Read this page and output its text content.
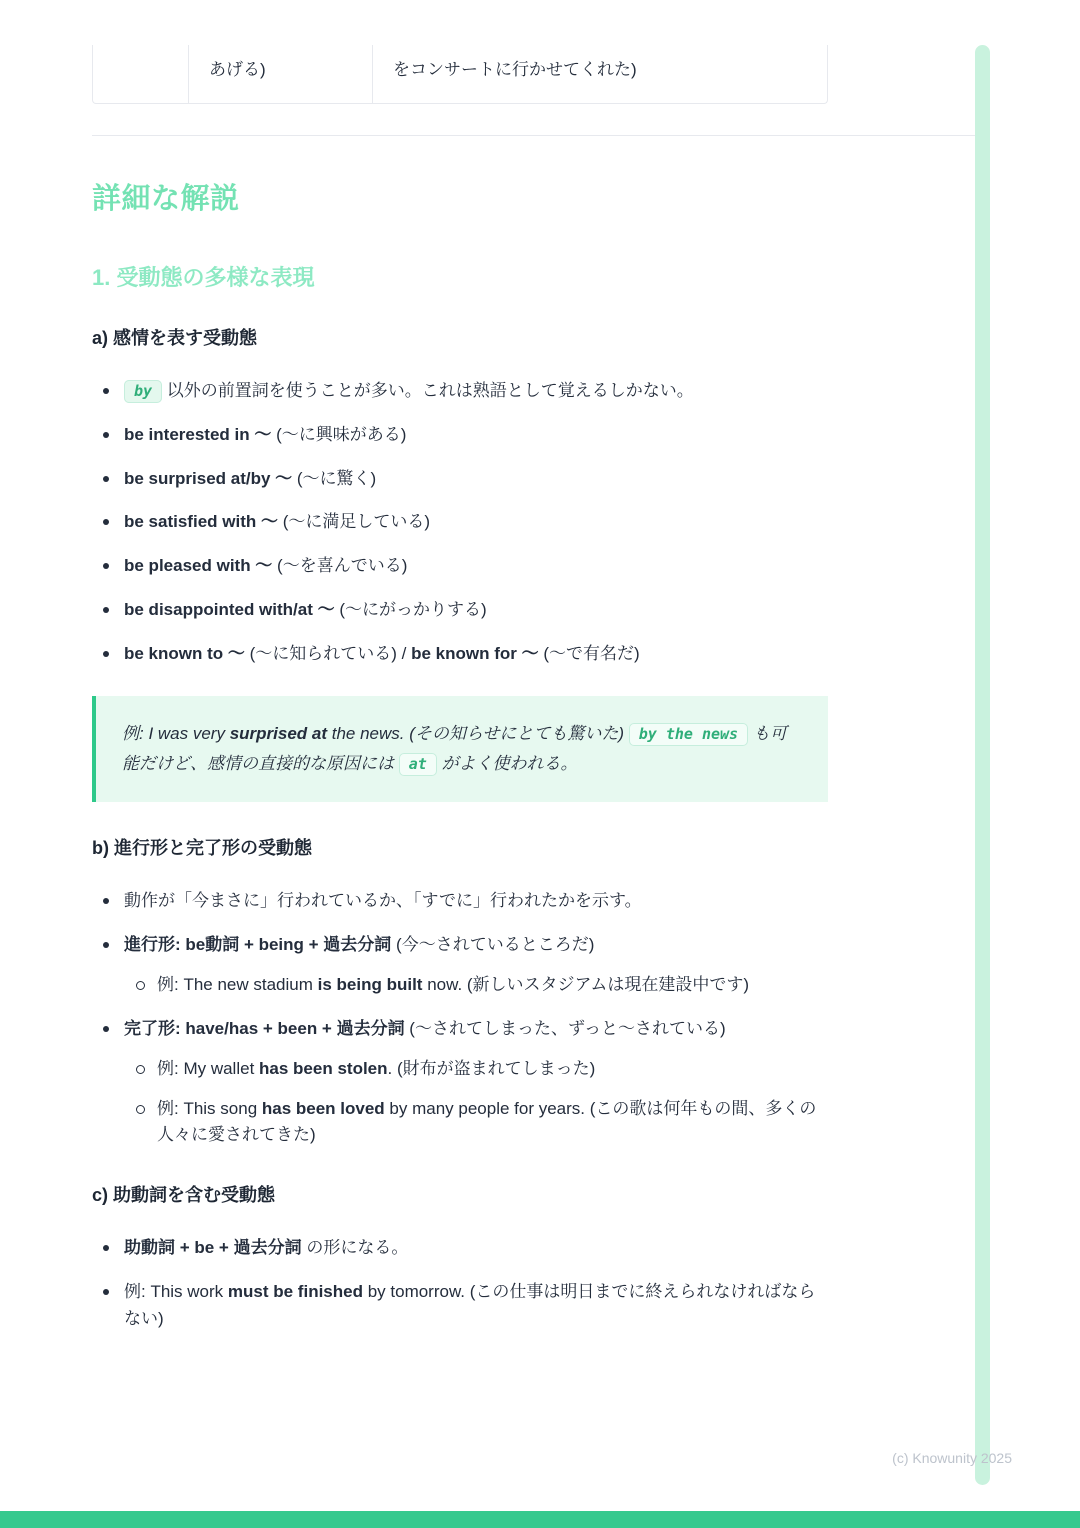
あげる)	をコンサートに行かせてくれた)
詳細な解説
1. 受動態の多様な表現
a) 感情を表す受動態
by 以外の前置詞を使うことが多い。これは熟語として覚えるしかない。
be interested in 〜 (〜に興味がある)
be surprised at/by 〜 (〜に驚く)
be satisfied with 〜 (〜に満足している)
be pleased with 〜 (〜を喜んでいる)
be disappointed with/at 〜 (〜にがっかりする)
be known to 〜 (〜に知られている) / be known for 〜 (〜で有名だ)
例: I was very surprised at the news. (その知らせにとても驚いた) by the news も可能だけど、感情の直接的な原因には at がよく使われる。
b) 進行形と完了形の受動態
動作が「今まさに」行われているか、「すでに」行われたかを示す。
進行形: be動詞 + being + 過去分詞 (今〜されているところだ)
例: The new stadium is being built now. (新しいスタジアムは現在建設中です)
完了形: have/has + been + 過去分詞 (〜されてしまった、ずっと〜されている)
例: My wallet has been stolen. (財布が盗まれてしまった)
例: This song has been loved by many people for years. (この歌は何年もの間、多くの人々に愛されてきた)
c) 助動詞を含む受動態
助動詞 + be + 過去分詞 の形になる。
例: This work must be finished by tomorrow. (この仕事は明日までに終えられなければならない)
(c) Knowunity 2025
